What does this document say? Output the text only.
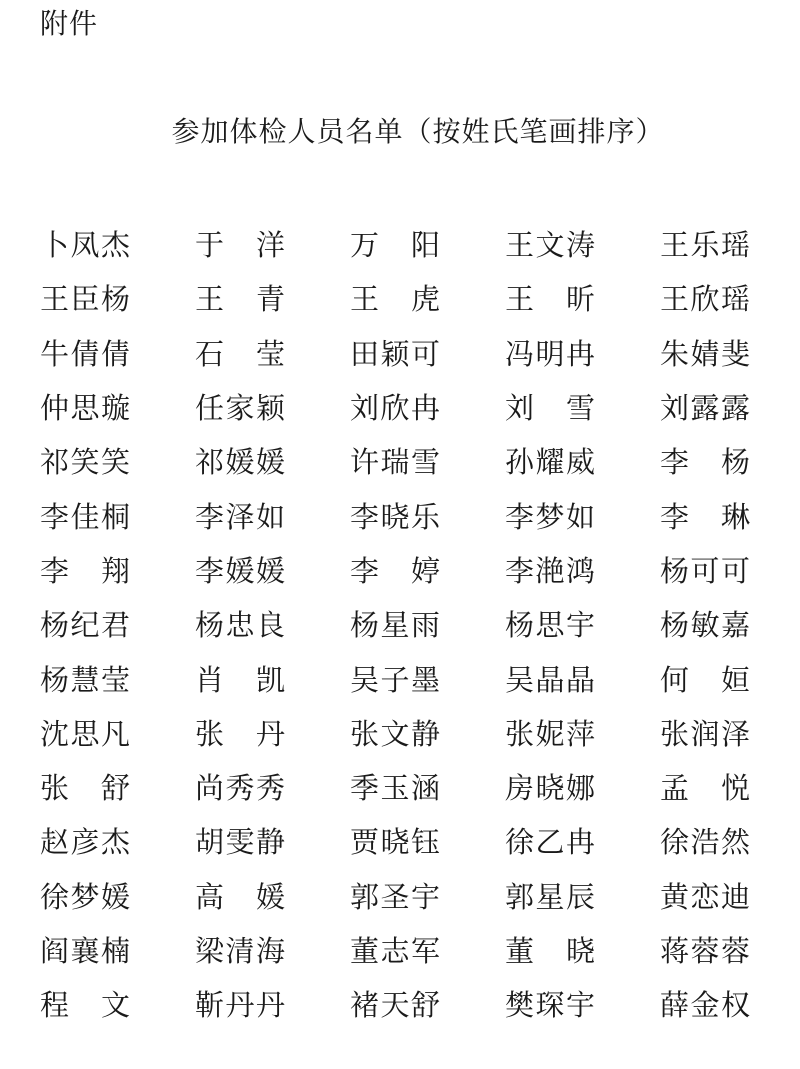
附件
参加体检人员名单（按姓氏笔画排序）
卜 凤 杰 于 洋 万 阳 王 文 涛 王 乐 瑶
王 臣 杨 王 青 王 虎 王 昕 王 欣 瑶
牛 倩 倩 石 莹 田 颖 可 冯 明 冉 朱 婧 斐
仲 思 璇 任 家 颖 刘 欣 冉 刘 雪 刘 露 露
祁 笑 笑 祁 媛 媛 许 瑞 雪 孙 耀 威 李 杨
李 佳 桐 李 泽 如 李 晓 乐 李 梦 如 李 琳
李 翔 李 媛 媛 李 婷 李 滟 鸿 杨 可 可
杨 纪 君 杨 忠 良 杨 星 雨 杨 思 宇 杨 敏 嘉
杨 慧 莹 肖 凯 吴 子 墨 吴 晶 晶 何 姮
沈 思 凡 张 丹 张 文 静 张 妮 萍 张 润 泽
张 舒 尚 秀 秀 季 玉 涵 房 晓 娜 孟 悦
赵 彦 杰 胡 雯 静 贾 晓 钰 徐 乙 冉 徐 浩 然
徐 梦 媛 高 媛 郭 圣 宇 郭 星 辰 黄 恋 迪
阎 襄 楠 梁 清 海 董 志 军 董 晓 蒋 蓉 蓉
程 文 靳 丹 丹 褚 天 舒 樊 琛 宇 薛 金 权
